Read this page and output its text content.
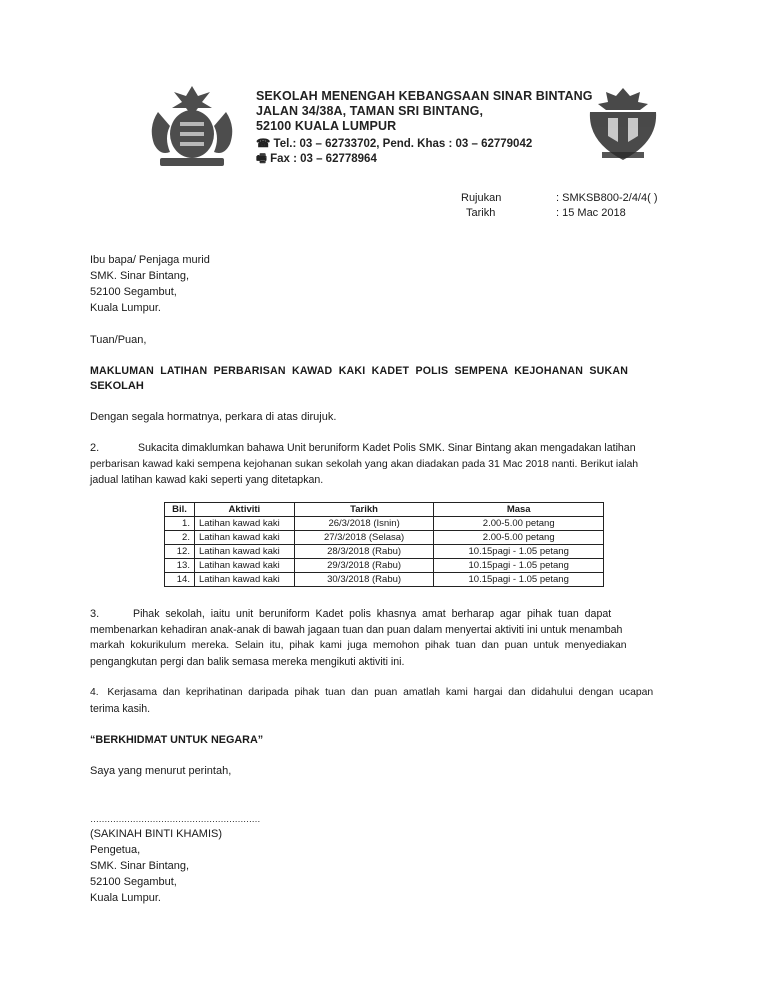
SEKOLAH MENENGAH KEBANGSAAN SINAR BINTANG
JALAN 34/38A, TAMAN SRI BINTANG,
52100 KUALA LUMPUR
☎ Tel.: 03 – 62733702, Pend. Khas : 03 – 62779042
🖷 Fax : 03 – 62778964
Rujukan	: SMKSB800-2/4/4( )
Tarikh	: 15 Mac 2018
Ibu bapa/ Penjaga murid
SMK. Sinar Bintang,
52100 Segambut,
Kuala Lumpur.
Tuan/Puan,
MAKLUMAN  LATIHAN  PERBARISAN  KAWAD  KAKI  KADET  POLIS  SEMPENA  KEJOHANAN  SUKAN
SEKOLAH
Dengan segala hormatnya, perkara di atas dirujuk.
2.	Sukacita dimaklumkan bahawa Unit beruniform Kadet Polis SMK. Sinar Bintang akan mengadakan latihan
perbarisan kawad kaki sempena kejohanan sukan sekolah yang akan diadakan pada 31 Mac 2018 nanti. Berikut ialah
jadual latihan kawad kaki seperti yang ditetapkan.
Bil.	Aktiviti	Tarikh	Masa
1.	Latihan kawad kaki	26/3/2018 (Isnin)	2.00-5.00 petang
2.	Latihan kawad kaki	27/3/2018 (Selasa)	2.00-5.00 petang
12.	Latihan kawad kaki	28/3/2018 (Rabu)	10.15pagi - 1.05 petang
13.	Latihan kawad kaki	29/3/2018 (Rabu)	10.15pagi - 1.05 petang
14.	Latihan kawad kaki	30/3/2018 (Rabu)	10.15pagi - 1.05 petang
3.	Pihak  sekolah,  iaitu  unit  beruniform  Kadet  polis  khasnya  amat  berharap  agar  pihak  tuan  dapat
membenarkan kehadiran anak-anak di bawah jagaan tuan dan puan dalam menyertai aktiviti ini untuk menambah
markah  kokurikulum  mereka.  Selain  itu,  pihak  kami  juga  memohon  pihak  tuan  dan  puan  untuk  menyediakan
pengangkutan pergi dan balik semasa mereka mengikuti aktiviti ini.
4.   Kerjasama  dan  keprihatinan  daripada  pihak  tuan  dan  puan  amatlah  kami  hargai  dan  didahului  dengan  ucapan
terima kasih.
“BERKHIDMAT UNTUK NEGARA”
Saya yang menurut perintah,
……………………………………………………
(SAKINAH BINTI KHAMIS)
Pengetua,
SMK. Sinar Bintang,
52100 Segambut,
Kuala Lumpur.
